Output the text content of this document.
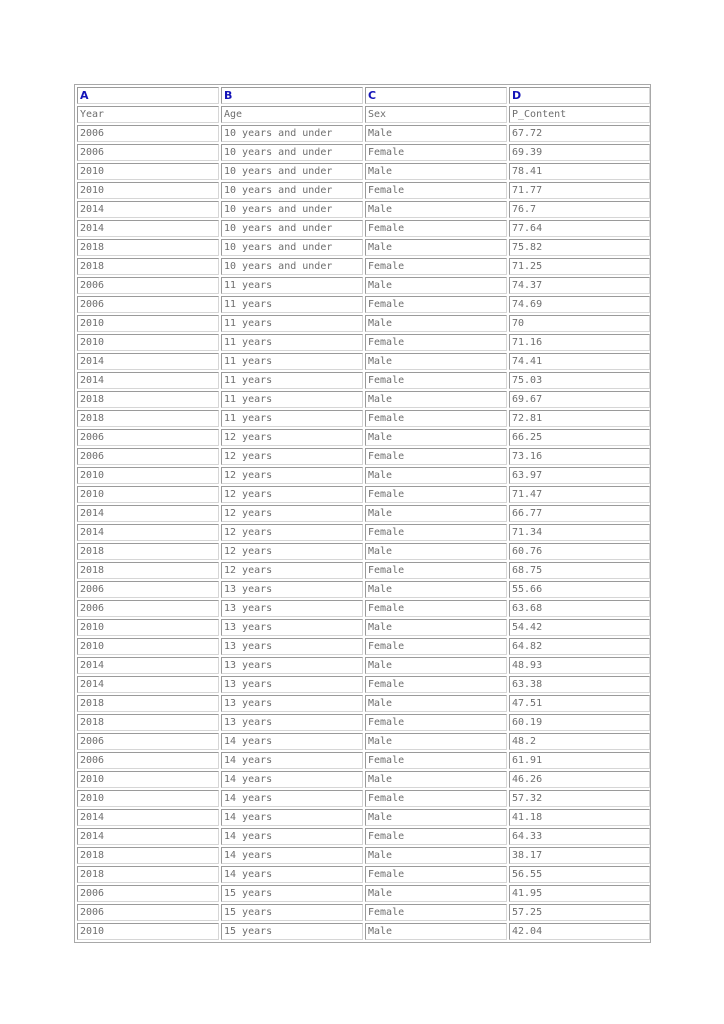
A	B	C	D
Year	Age	Sex	P_Content
2006	10 years and under	Male	67.72
2006	10 years and under	Female	69.39
2010	10 years and under	Male	78.41
2010	10 years and under	Female	71.77
2014	10 years and under	Male	76.7
2014	10 years and under	Female	77.64
2018	10 years and under	Male	75.82
2018	10 years and under	Female	71.25
2006	11 years	Male	74.37
2006	11 years	Female	74.69
2010	11 years	Male	70
2010	11 years	Female	71.16
2014	11 years	Male	74.41
2014	11 years	Female	75.03
2018	11 years	Male	69.67
2018	11 years	Female	72.81
2006	12 years	Male	66.25
2006	12 years	Female	73.16
2010	12 years	Male	63.97
2010	12 years	Female	71.47
2014	12 years	Male	66.77
2014	12 years	Female	71.34
2018	12 years	Male	60.76
2018	12 years	Female	68.75
2006	13 years	Male	55.66
2006	13 years	Female	63.68
2010	13 years	Male	54.42
2010	13 years	Female	64.82
2014	13 years	Male	48.93
2014	13 years	Female	63.38
2018	13 years	Male	47.51
2018	13 years	Female	60.19
2006	14 years	Male	48.2
2006	14 years	Female	61.91
2010	14 years	Male	46.26
2010	14 years	Female	57.32
2014	14 years	Male	41.18
2014	14 years	Female	64.33
2018	14 years	Male	38.17
2018	14 years	Female	56.55
2006	15 years	Male	41.95
2006	15 years	Female	57.25
2010	15 years	Male	42.04
